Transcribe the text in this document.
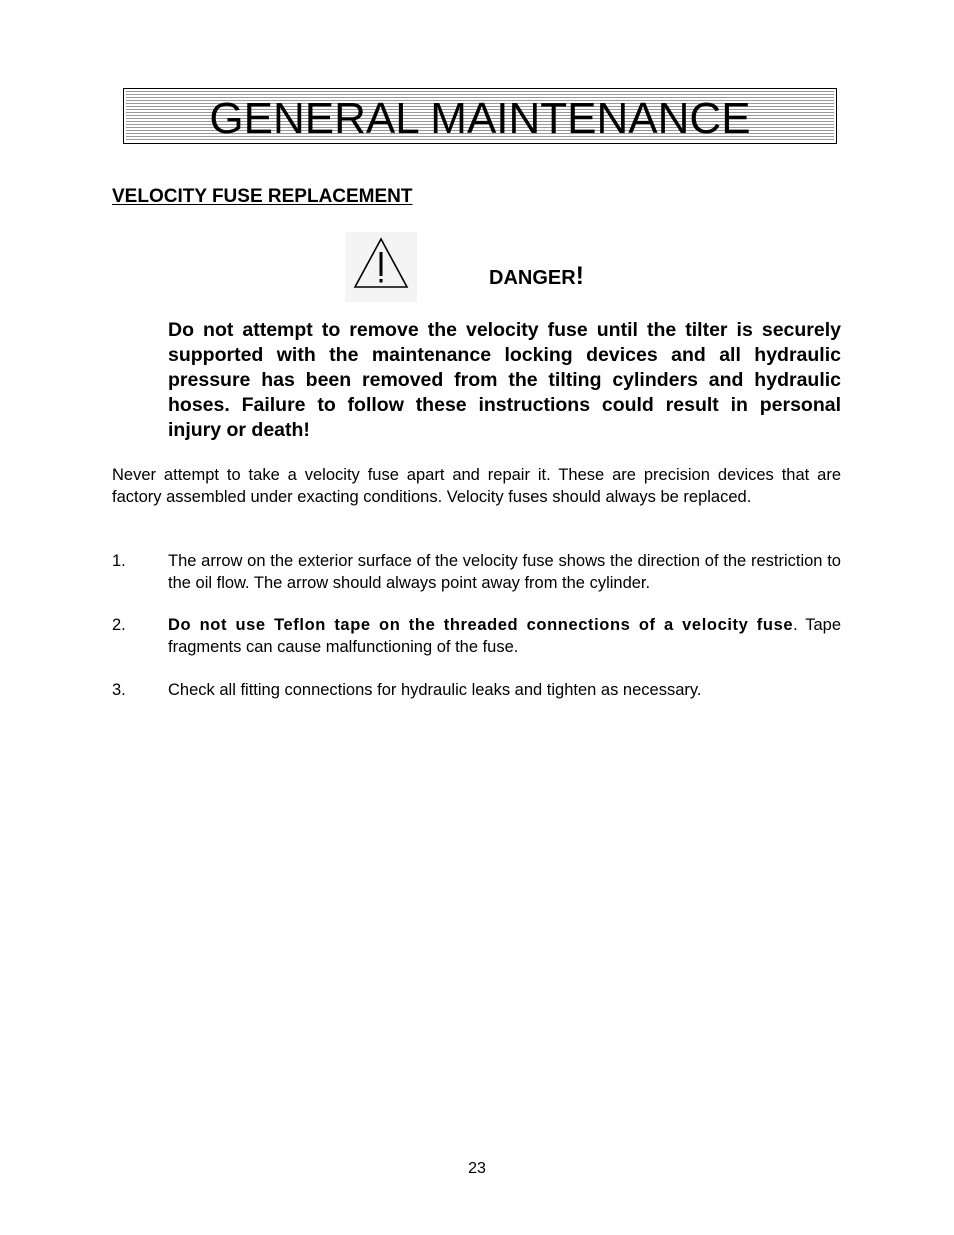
GENERAL MAINTENANCE
VELOCITY FUSE REPLACEMENT
DANGER!
Do not attempt to remove the velocity fuse until the tilter is securely supported with the maintenance locking devices and all hydraulic pressure has been removed from the tilting cylinders and hydraulic hoses. Failure to follow these instructions could result in personal injury or death!
Never attempt to take a velocity fuse apart and repair it. These are precision devices that are factory assembled under exacting conditions. Velocity fuses should always be replaced.
1.	The arrow on the exterior surface of the velocity fuse shows the direction of the restriction to the oil flow. The arrow should always point away from the cylinder.
2.	Do not use Teflon tape on the threaded connections of a velocity fuse. Tape fragments can cause malfunctioning of the fuse.
3.	Check all fitting connections for hydraulic leaks and tighten as necessary.
23
